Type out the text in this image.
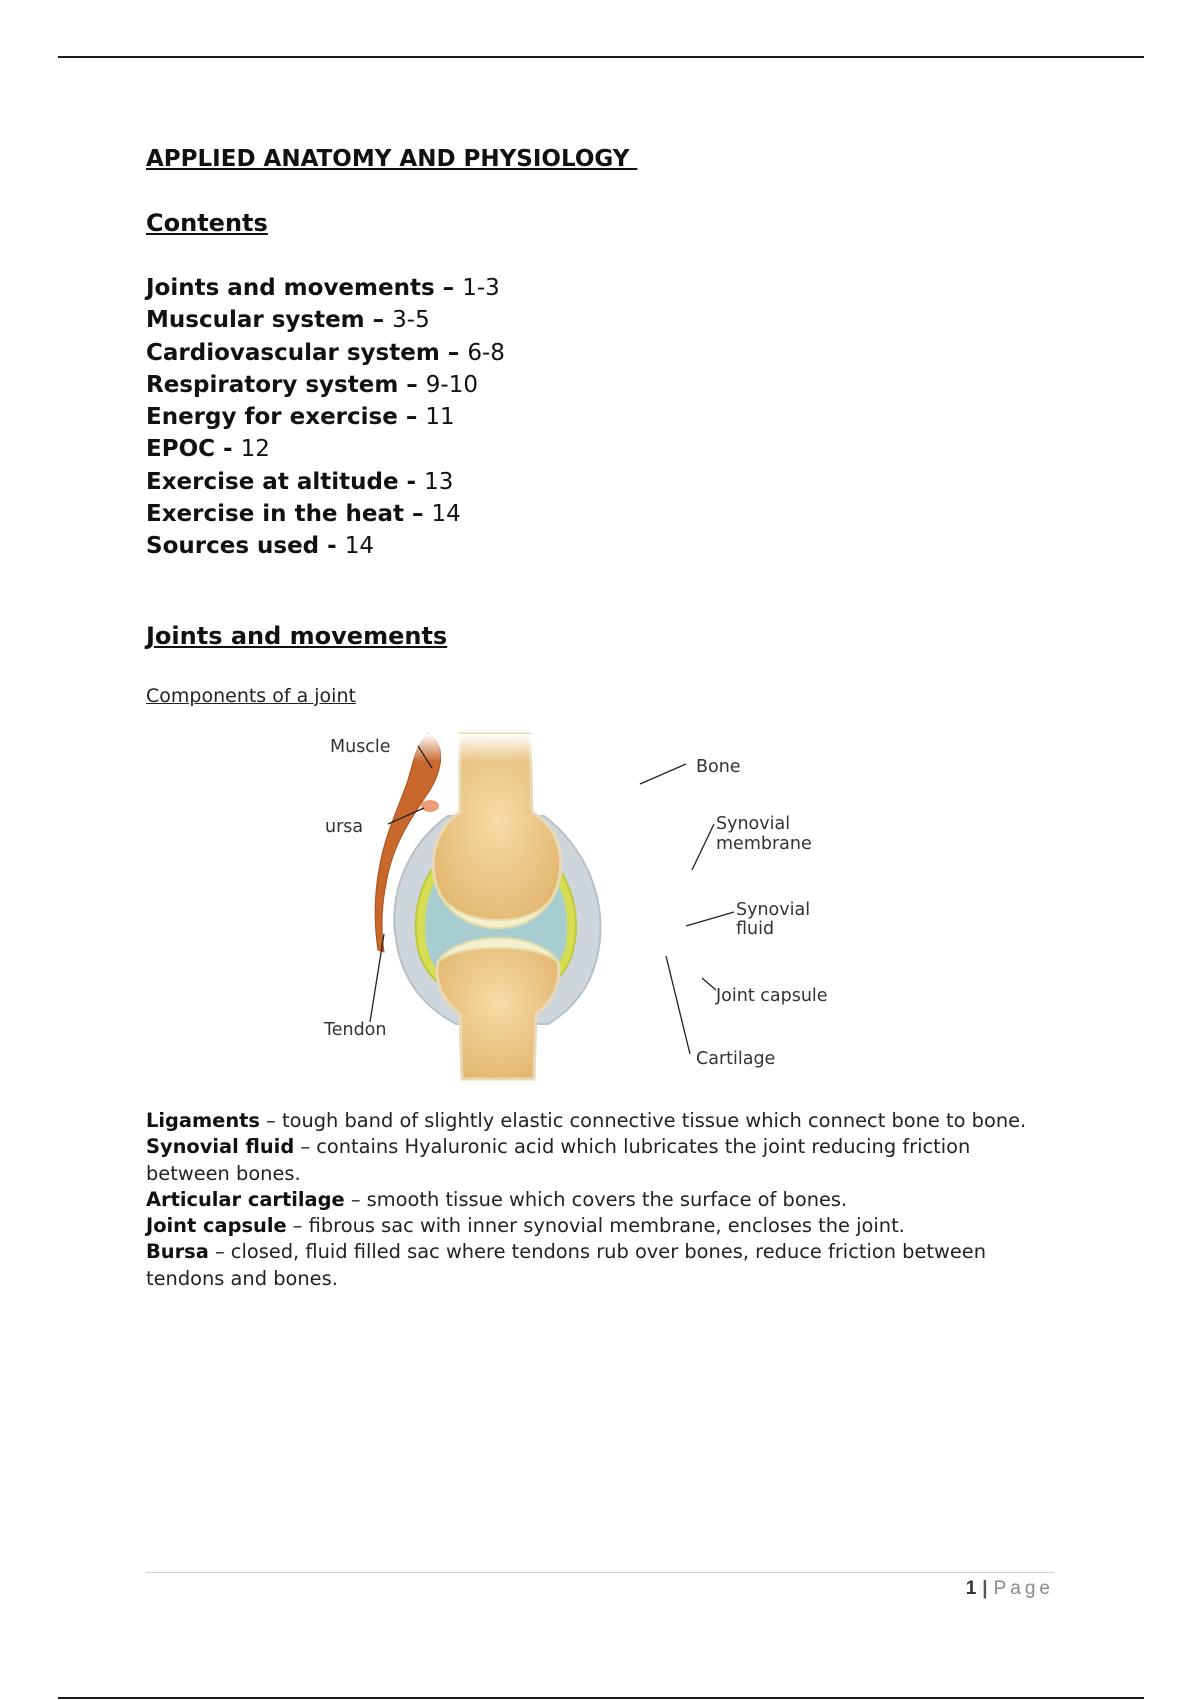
APPLIED ANATOMY AND PHYSIOLOGY
Contents
Joints and movements – 1-3
Muscular system – 3-5
Cardiovascular system – 6-8
Respiratory system – 9-10
Energy for exercise – 11
EPOC - 12
Exercise at altitude - 13
Exercise in the heat – 14
Sources used - 14
Joints and movements
Components of a joint
Muscle
Bone
ursa	Synovial
membrane
Synovial
fluid
Joint capsule
Tendon
Cartilage

Ligaments – tough band of slightly elastic connective tissue which connect bone to bone.

Synovial fluid – contains Hyaluronic acid which lubricates the joint reducing friction between bones.

Articular cartilage – smooth tissue which covers the surface of bones.

Joint capsule – fibrous sac with inner synovial membrane, encloses the joint.

Bursa – closed, fluid filled sac where tendons rub over bones, reduce friction between tendons and bones.

1 | Page
